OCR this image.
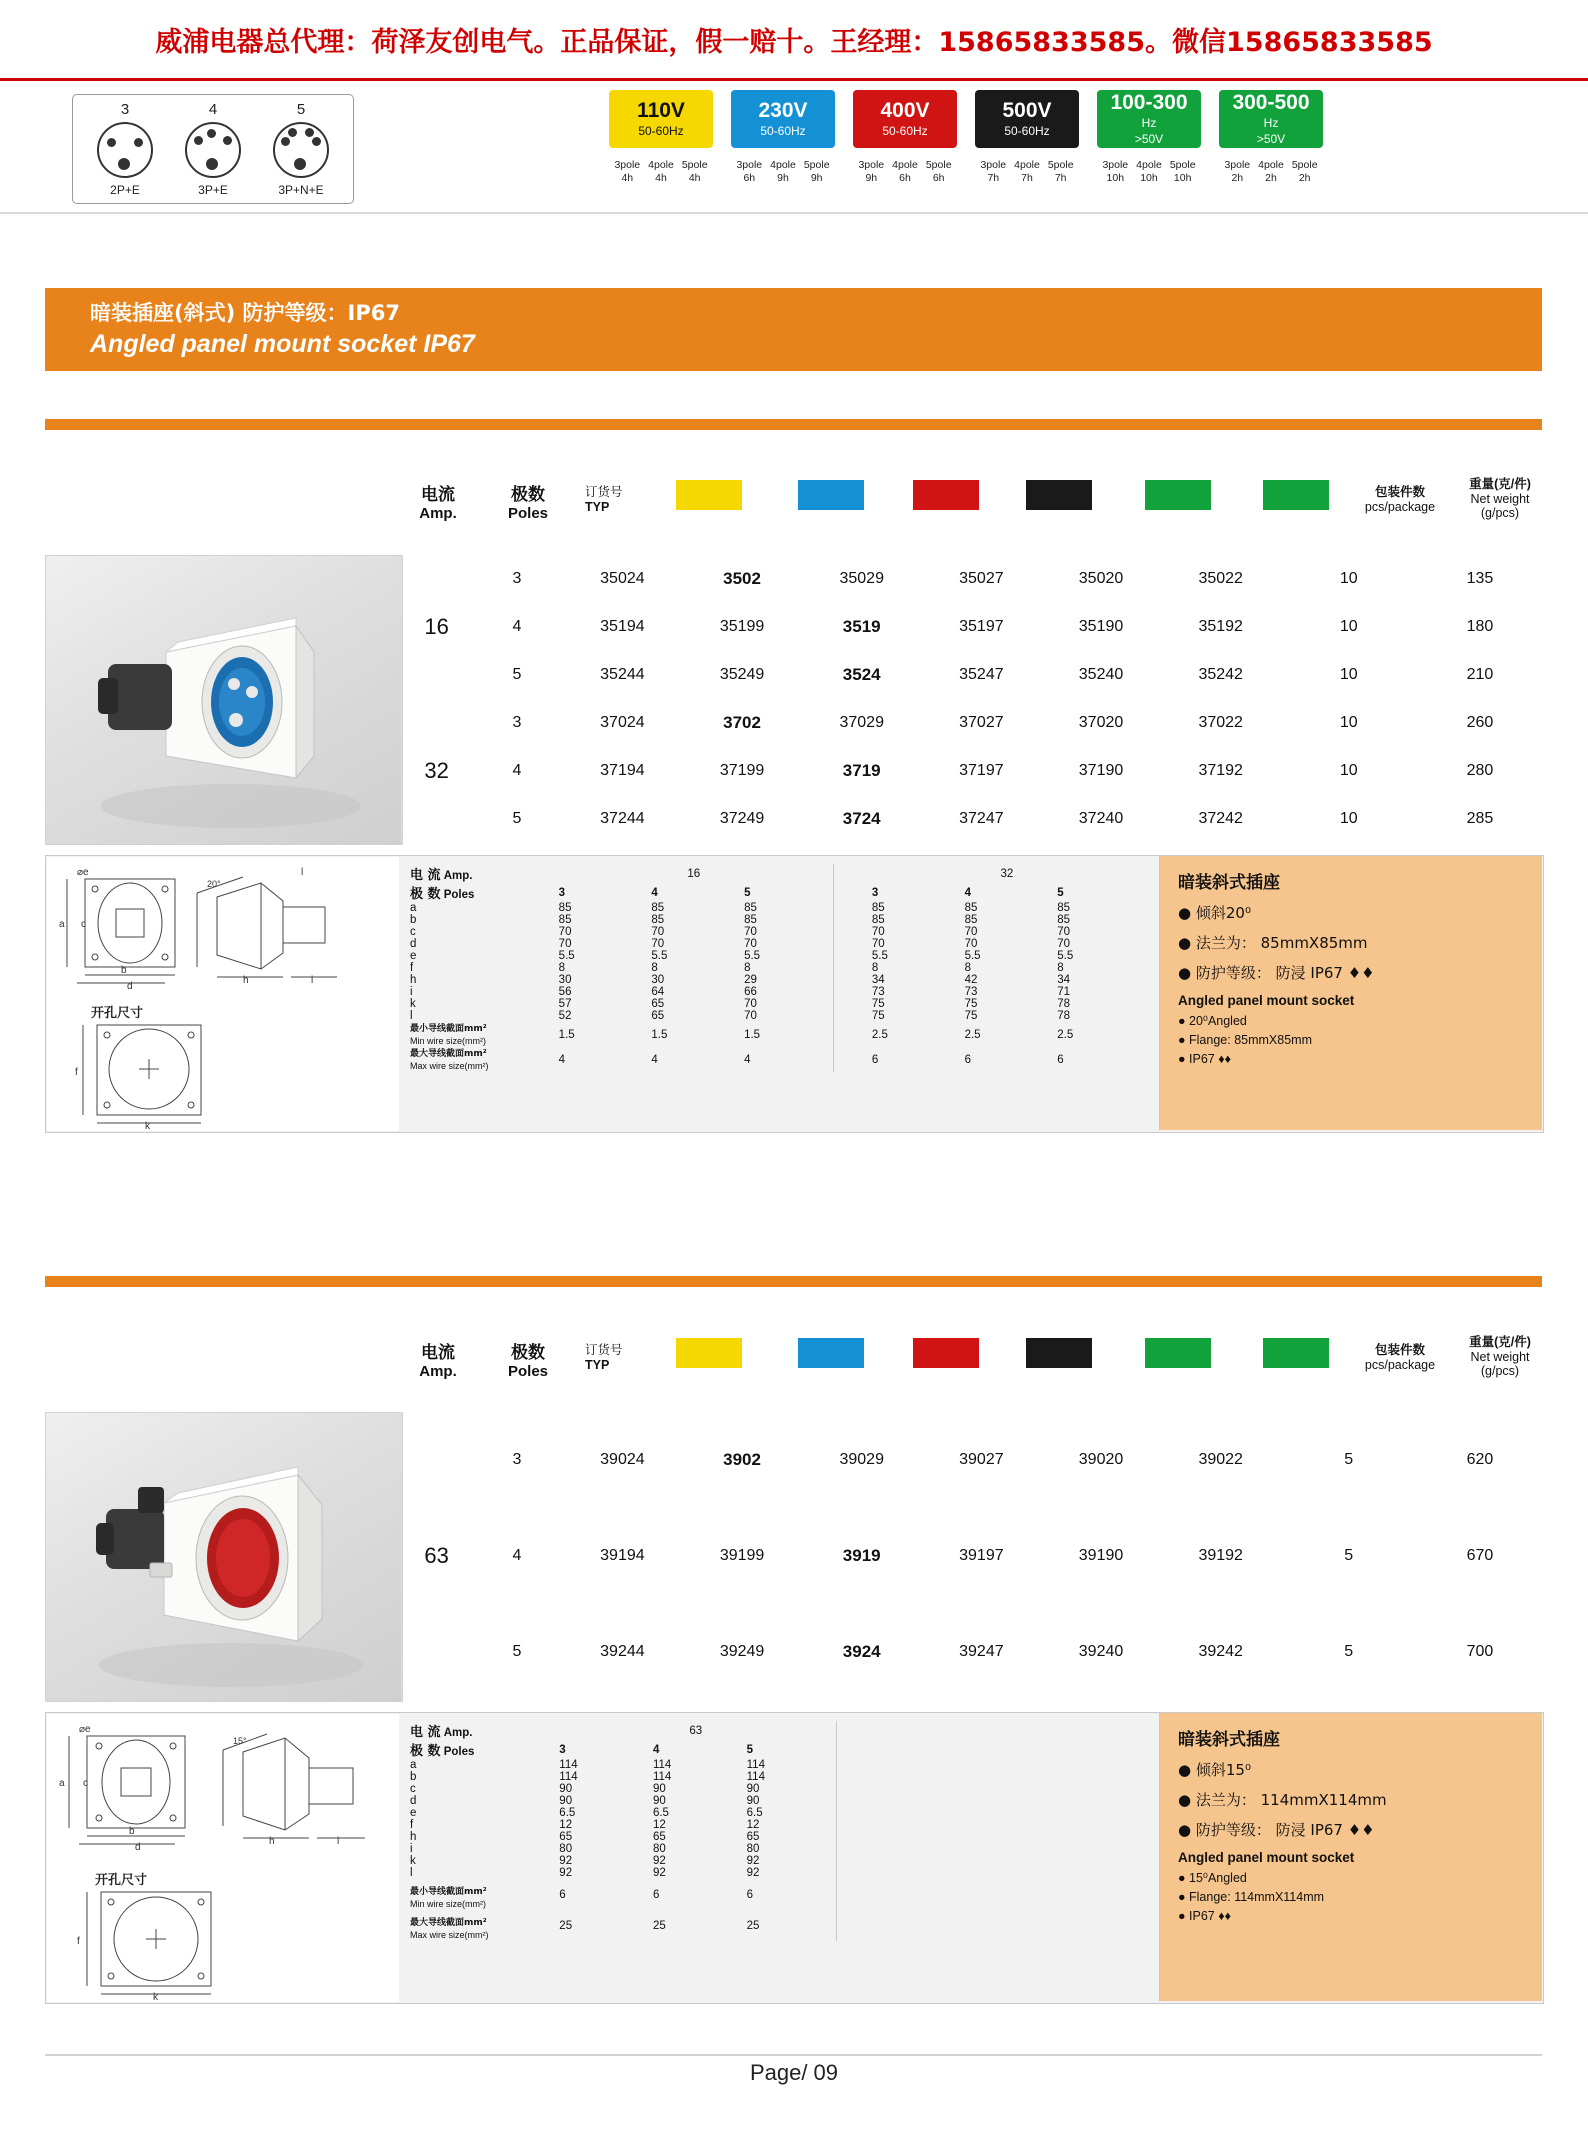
威浦电器总代理：荷泽友创电气。正品保证，假一赔十。王经理：15865833585。微信15865833585
3
2P+E
4
3P+E
5
3P+N+E
110V
50-60Hz
3pole
4h
4pole
4h
5pole
4h
230V
50-60Hz
3pole
6h
4pole
9h
5pole
9h
400V
50-60Hz
3pole
9h
4pole
6h
5pole
6h
500V
50-60Hz
3pole
7h
4pole
7h
5pole
7h
100-300
Hz
>50V
3pole
10h
4pole
10h
5pole
10h
300-500
Hz
>50V
3pole
2h
4pole
2h
5pole
2h
暗装插座(斜式) 防护等级：IP67
Angled panel mount socket IP67
电流
Amp.
极数
Poles
订货号
TYP
包装件数
pcs/package
重量(克/件)
Net weight
(g/pcs)
16	3	35024	3502	35029	35027	35020	35022	10	135
	4	35194	35199	3519	35197	35190	35192	10	180
	5	35244	35249	3524	35247	35240	35242	10	210
32	3	37024	3702	37029	37027	37020	37022	10	260
	4	37194	37199	3719	37197	37190	37192	10	280
	5	37244	37249	3724	37247	37240	37242	10	285
⌀e
a c
d
b
l
h	i
20°
f
k
开孔尺寸
电 流 Amp.	16				32		
极 数 Poles	3	4	5		3	4	5
a	85	85	85		85	85	85
b	85	85	85		85	85	85
c	70	70	70		70	70	70
d	70	70	70		70	70	70
e	5.5	5.5	5.5		5.5	5.5	5.5
f	8	8	8		8	8	8
h	30	30	29		34	42	34
i	56	64	66		73	73	71
k	57	65	70		75	75	78
l	52	65	70		75	75	78
最小导线截面mm²
Min wire size(mm²)	1.5	1.5	1.5		2.5	2.5	2.5
最大导线截面mm²
Max wire size(mm²)	4	4	4		6	6	6
暗装斜式插座
● 倾斜20⁰
● 法兰为： 85mmX85mm
● 防护等级： 防浸 IP67 ♦♦
Angled panel mount socket
● 20⁰Angled
● Flange: 85mmX85mm
● IP67 ♦♦
电流
Amp.
极数
Poles
订货号
TYP
包装件数
pcs/package
重量(克/件)
Net weight
(g/pcs)
63	3	39024	3902	39029	39027	39020	39022	5	620
	4	39194	39199	3919	39197	39190	39192	5	670
	5	39244	39249	3924	39247	39240	39242	5	700
⌀e
a c
d
b
15°
h	i
f
k
开孔尺寸
电 流 Amp.	63						
极 数 Poles	3	4	5				
a	114	114	114				
b	114	114	114				
c	90	90	90				
d	90	90	90				
e	6.5	6.5	6.5				
f	12	12	12				
h	65	65	65				
i	80	80	80				
k	92	92	92				
l	92	92	92				
最小导线截面mm²
Min wire size(mm²)	6	6	6				
最大导线截面mm²
Max wire size(mm²)	25	25	25				
暗装斜式插座
● 倾斜15⁰
● 法兰为： 114mmX114mm
● 防护等级： 防浸 IP67 ♦♦
Angled panel mount socket
● 15⁰Angled
● Flange: 114mmX114mm
● IP67 ♦♦
Page/ 09
